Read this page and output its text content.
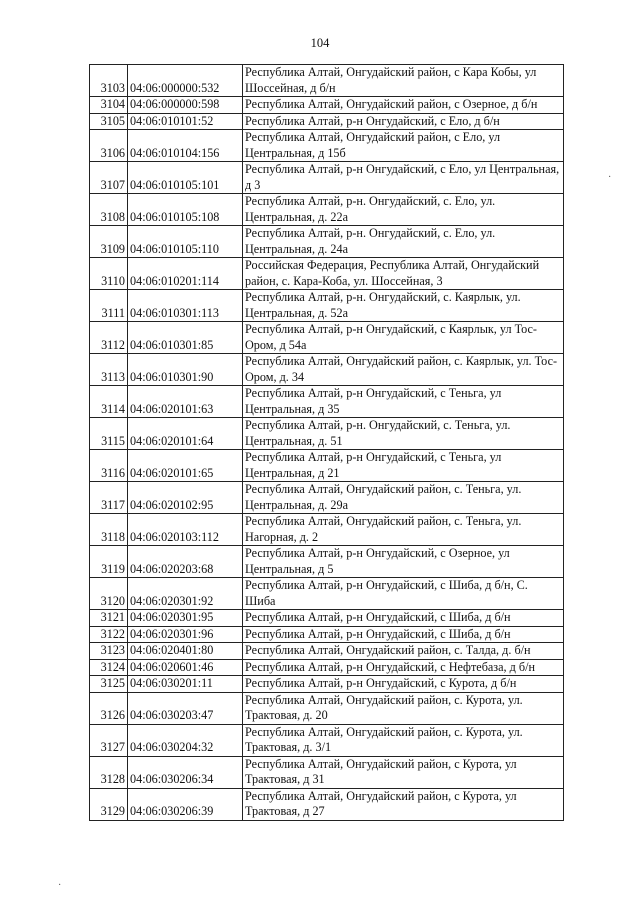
104
3103	04:06:000000:532	Республика Алтай, Онгудайский район, с Кара Кобы, ул Шоссейная, д б/н
3104	04:06:000000:598	Республика Алтай, Онгудайский район, с Озерное, д б/н
3105	04:06:010101:52	Республика Алтай, р-н Онгудайский, с Ело, д б/н
3106	04:06:010104:156	Республика Алтай, Онгудайский район, с Ело, ул Центральная, д 15б
3107	04:06:010105:101	Республика Алтай, р-н Онгудайский, с Ело, ул Центральная, д 3
3108	04:06:010105:108	Республика Алтай, р-н. Онгудайский, с. Ело, ул. Центральная, д. 22а
3109	04:06:010105:110	Республика Алтай, р-н. Онгудайский, с. Ело, ул. Центральная, д. 24а
3110	04:06:010201:114	Российская Федерация, Республика Алтай, Онгудайский район, с. Кара-Коба, ул. Шоссейная, 3
3111	04:06:010301:113	Республика Алтай, р-н. Онгудайский, с. Каярлык, ул. Центральная, д. 52а
3112	04:06:010301:85	Республика Алтай, р-н Онгудайский, с Каярлык, ул Тос-Ором, д 54а
3113	04:06:010301:90	Республика Алтай, Онгудайский район, с. Каярлык, ул. Тос-Ором, д. 34
3114	04:06:020101:63	Республика Алтай, р-н Онгудайский, с Теньга, ул Центральная, д 35
3115	04:06:020101:64	Республика Алтай, р-н. Онгудайский, с. Теньга, ул. Центральная, д. 51
3116	04:06:020101:65	Республика Алтай, р-н Онгудайский, с Теньга, ул Центральная, д 21
3117	04:06:020102:95	Республика Алтай, Онгудайский район, с. Теньга, ул. Центральная, д. 29а
3118	04:06:020103:112	Республика Алтай, Онгудайский район, с. Теньга, ул. Нагорная, д. 2
3119	04:06:020203:68	Республика Алтай, р-н Онгудайский, с Озерное, ул Центральная, д 5
3120	04:06:020301:92	Республика Алтай, р-н Онгудайский, с Шиба, д б/н, С. Шиба
3121	04:06:020301:95	Республика Алтай, р-н Онгудайский, с Шиба, д б/н
3122	04:06:020301:96	Республика Алтай, р-н Онгудайский, с Шиба, д б/н
3123	04:06:020401:80	Республика Алтай, Онгудайский район, с. Талда, д. б/н
3124	04:06:020601:46	Республика Алтай, р-н Онгудайский, с Нефтебаза, д б/н
3125	04:06:030201:11	Республика Алтай, р-н Онгудайский, с Курота, д б/н
3126	04:06:030203:47	Республика Алтай, Онгудайский район, с. Курота, ул. Трактовая, д. 20
3127	04:06:030204:32	Республика Алтай, Онгудайский район, с. Курота, ул. Трактовая, д. 3/1
3128	04:06:030206:34	Республика Алтай, Онгудайский район, с Курота, ул Трактовая, д 31
3129	04:06:030206:39	Республика Алтай, Онгудайский район, с Курота, ул Трактовая, д 27
·
·
